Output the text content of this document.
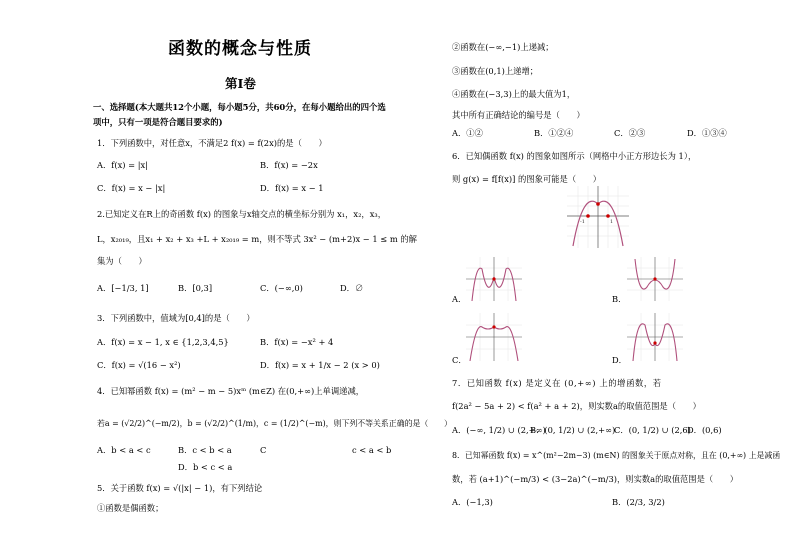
函数的概念与性质
第Ⅰ卷
一、选择题(本大题共12个小题，每小题5分，共60分，在每小题给出的四个选
项中，只有一项是符合题目要求的)
1．下列函数中，对任意x，不满足2 f(x) = f(2x)的是（　　）
A．f(x) = |x|	B．f(x) = −2x
C．f(x) = x − |x|	D．f(x) = x − 1
2.已知定义在R上的奇函数 f(x) 的图象与x轴交点的横坐标分别为 x₁，x₂，x₃，
L，x₂₀₁₉，且x₁ + x₂ + x₃ +L + x₂₀₁₉ = m，则不等式 3x² − (m+2)x − 1 ≤ m 的解
集为（　　）
A．[−1/3, 1]	B．[0,3]	C．(−∞,0)	D．∅
3．下列函数中，值域为[0,4]的是（　　）
A．f(x) = x − 1, x ∈ {1,2,3,4,5}	B．f(x) = −x² + 4
C．f(x) = √(16 − x²)	D．f(x) = x + 1/x − 2 (x > 0)
4．已知幂函数 f(x) = (m² − m − 5)xᵐ (m∈Z) 在(0,+∞)上单调递减，
若a = (√2/2)^(−m/2)，b = (√2/2)^(1/m)，c = (1/2)^(−m)，则下列不等关系正确的是（　　）
A．b < a < c	B．c < b < a	C	c < a < b
D．b < c < a
5．关于函数 f(x) = √(|x| − 1)，有下列结论
①函数是偶函数；
②函数在(−∞,−1)上递减；
③函数在(0,1)上递增；
④函数在(−3,3)上的最大值为1，
其中所有正确结论的编号是（　　）
A．①②	B．①②④	C．②③	D．①③④
6．已知偶函数 f(x) 的图象如图所示（网格中小正方形边长为 1），
则 g(x) = f[f(x)] 的图象可能是（　　）
-1	1
A．	B．
C．	D．
7．已知函数 f(x) 是定义在 (0,+∞) 上的增函数，若
f(2a² − 5a + 2) < f(a² + a + 2)，则实数a的取值范围是（　　）
A．(−∞, 1/2) ∪ (2,+∞)
B．(0, 1/2) ∪ (2,+∞)
C．(0, 1/2) ∪ (2,6)
D．(0,6)
8．已知幂函数 f(x) = x^(m²−2m−3) (m∈N) 的图象关于原点对称，且在 (0,+∞) 上是减函
数，若 (a+1)^(−m/3) < (3−2a)^(−m/3)，则实数a的取值范围是（　　）
A．(−1,3)	B．(2/3, 3/2)
